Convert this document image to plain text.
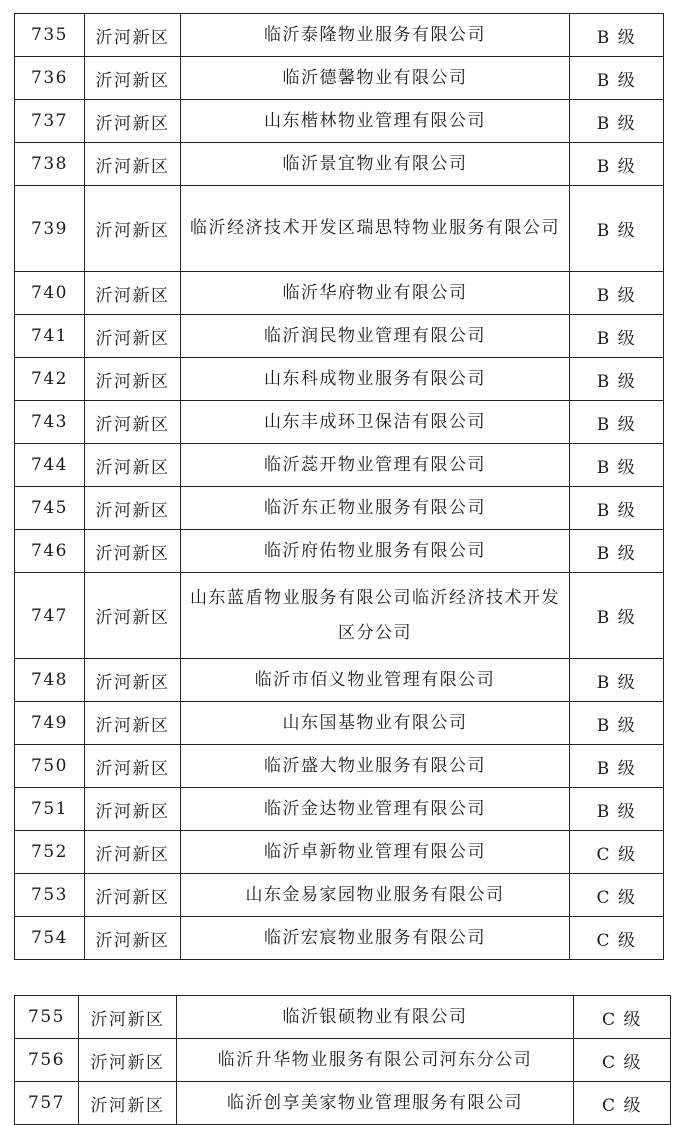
735	沂河新区	临沂泰隆物业服务有限公司	B 级
736	沂河新区	临沂德馨物业有限公司	B 级
737	沂河新区	山东楷林物业管理有限公司	B 级
738	沂河新区	临沂景宜物业有限公司	B 级
739	沂河新区	临沂经济技术开发区瑞思特物业服务有限公司	B 级
740	沂河新区	临沂华府物业有限公司	B 级
741	沂河新区	临沂润民物业管理有限公司	B 级
742	沂河新区	山东科成物业服务有限公司	B 级
743	沂河新区	山东丰成环卫保洁有限公司	B 级
744	沂河新区	临沂蕊开物业管理有限公司	B 级
745	沂河新区	临沂东正物业服务有限公司	B 级
746	沂河新区	临沂府佑物业服务有限公司	B 级
747	沂河新区	山东蓝盾物业服务有限公司临沂经济技术开发区分公司	B 级
748	沂河新区	临沂市佰义物业管理有限公司	B 级
749	沂河新区	山东国基物业有限公司	B 级
750	沂河新区	临沂盛大物业服务有限公司	B 级
751	沂河新区	临沂金达物业管理有限公司	B 级
752	沂河新区	临沂卓新物业管理有限公司	C 级
753	沂河新区	山东金易家园物业服务有限公司	C 级
754	沂河新区	临沂宏宸物业服务有限公司	C 级
755	沂河新区	临沂银硕物业有限公司	C 级
756	沂河新区	临沂升华物业服务有限公司河东分公司	C 级
757	沂河新区	临沂创享美家物业管理服务有限公司	C 级
